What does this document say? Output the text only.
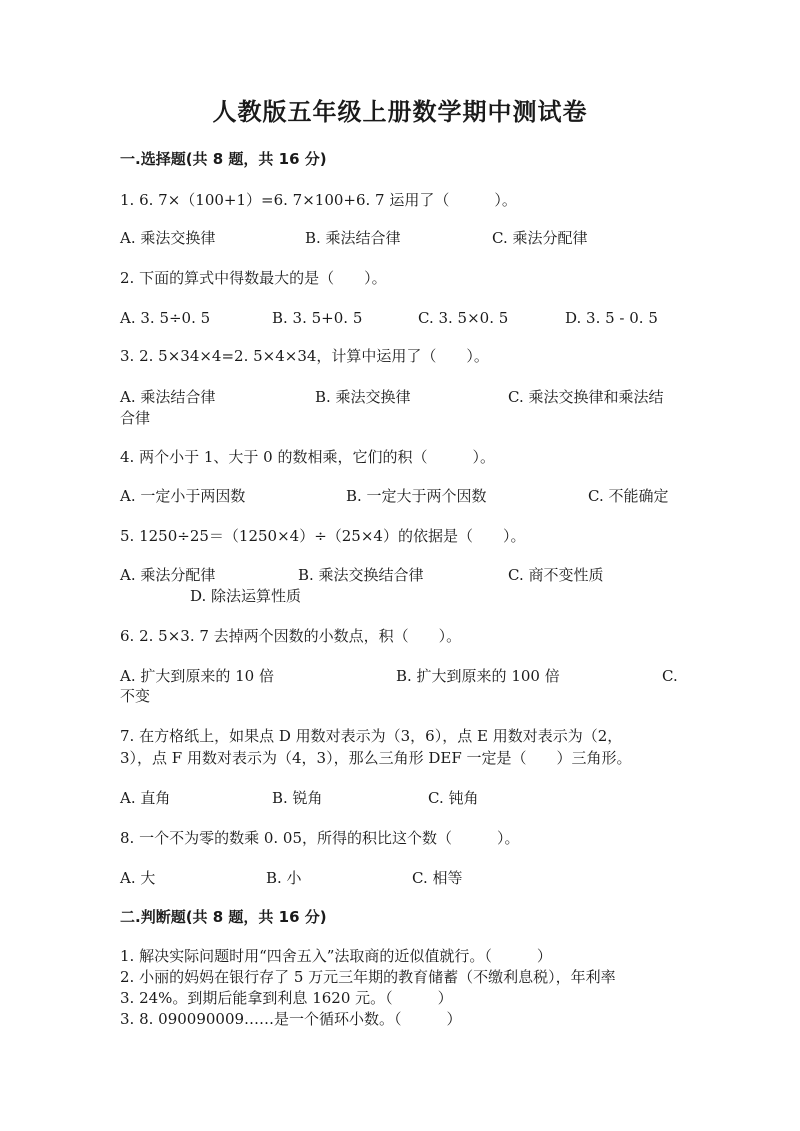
人教版五年级上册数学期中测试卷
一.选择题(共 8 题，共 16 分)
1. 6. 7×（100+1）=6. 7×100+6. 7 运用了（　　　）。
A. 乘法交换律	B. 乘法结合律	C. 乘法分配律
2. 下面的算式中得数最大的是（　　）。
A. 3. 5÷0. 5	B. 3. 5+0. 5	C. 3. 5×0. 5	D. 3. 5 - 0. 5
3. 2. 5×34×4=2. 5×4×34，计算中运用了（　　）。
A. 乘法结合律	B. 乘法交换律	C. 乘法交换律和乘法结
合律
4. 两个小于 1、大于 0 的数相乘，它们的积（　　　）。
A. 一定小于两因数	B. 一定大于两个因数	C. 不能确定
5. 1250÷25＝（1250×4）÷（25×4）的依据是（　　）。
A. 乘法分配律	B. 乘法交换结合律	C. 商不变性质
D. 除法运算性质
6. 2. 5×3. 7 去掉两个因数的小数点，积（　　）。
A. 扩大到原来的 10 倍	B. 扩大到原来的 100 倍	C.
不变
7. 在方格纸上，如果点 D 用数对表示为（3，6），点 E 用数对表示为（2，
3），点 F 用数对表示为（4，3），那么三角形 DEF 一定是（　　）三角形。
A. 直角	B. 锐角	C. 钝角
8. 一个不为零的数乘 0. 05，所得的积比这个数（　　　）。
A. 大	B. 小	C. 相等
二.判断题(共 8 题，共 16 分)
1. 解决实际问题时用“四舍五入”法取商的近似值就行。（　　　）
2. 小丽的妈妈在银行存了 5 万元三年期的教育储蓄（不缴利息税），年利率
3. 24%。到期后能拿到利息 1620 元。（　　　）
3. 8. 090090009……是一个循环小数。（　　　）
